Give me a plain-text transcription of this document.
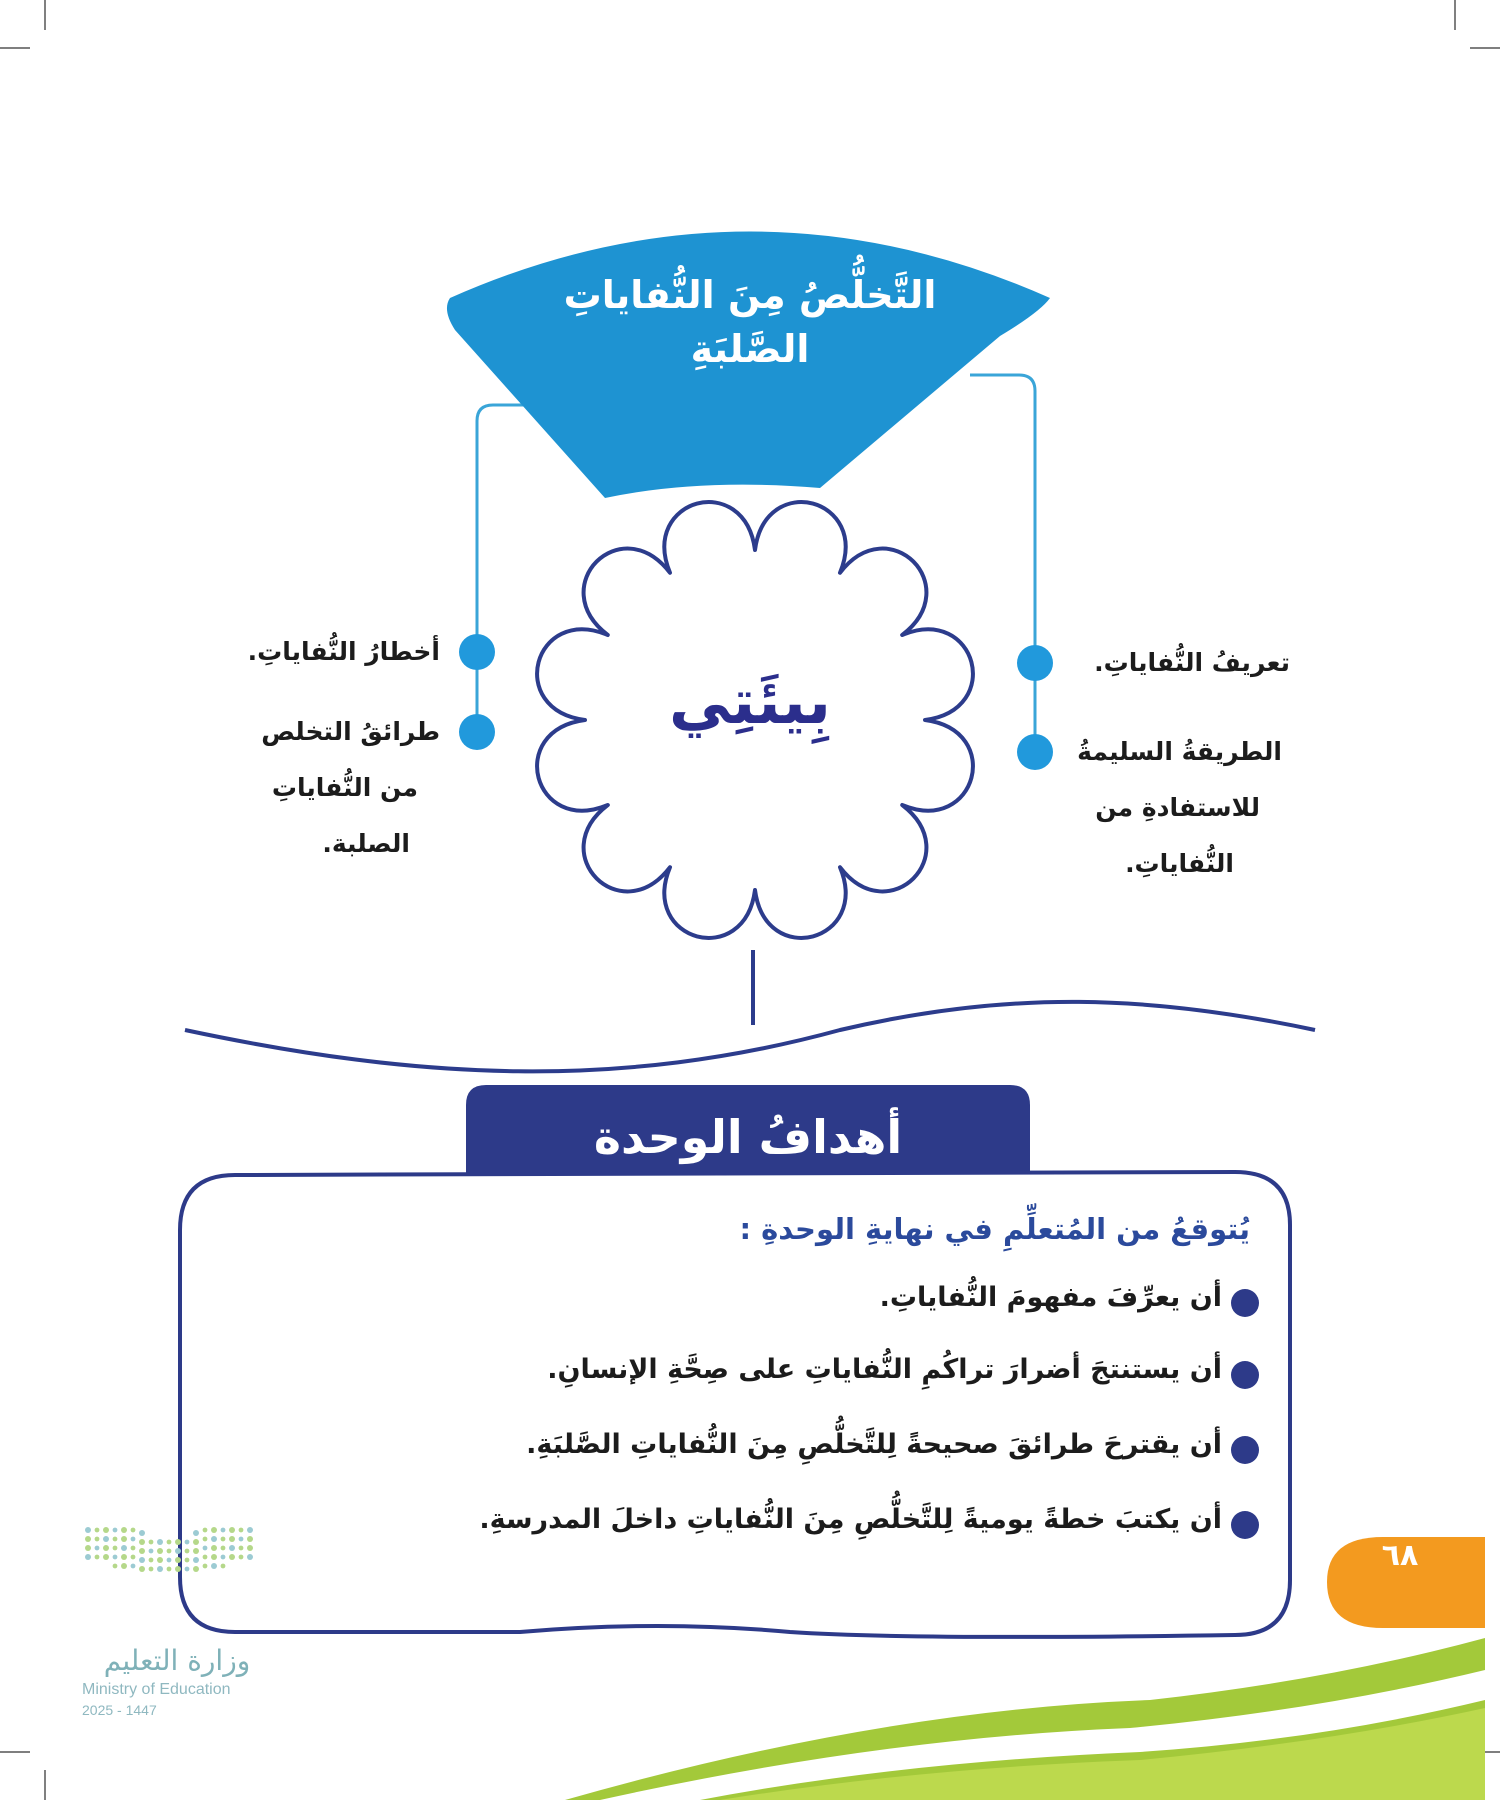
التَّخلُّصُ مِنَ النُّفاياتِ
الصَّلبَةِ
بِيئَتِي
أخطارُ النُّفاياتِ.
طرائقُ التخلص
من النُّفاياتِ
الصلبة.
تعريفُ النُّفاياتِ.
الطريقةُ السليمةُ
للاستفادةِ من
النُّفاياتِ.
أهدافُ الوحدة
يُتوقعُ من المُتعلِّمِ في نهايةِ الوحدةِ :
أن يعرِّفَ مفهومَ النُّفاياتِ.
أن يستنتجَ أضرارَ تراكُمِ النُّفاياتِ على صِحَّةِ الإنسانِ.
أن يقترحَ طرائقَ صحيحةً لِلتَّخلُّصِ مِنَ النُّفاياتِ الصَّلبَةِ.
أن يكتبَ خطةً يوميةً لِلتَّخلُّصِ مِنَ النُّفاياتِ داخلَ المدرسةِ.
٦٨
وزارة التعليم
Ministry of Education
2025 - 1447
